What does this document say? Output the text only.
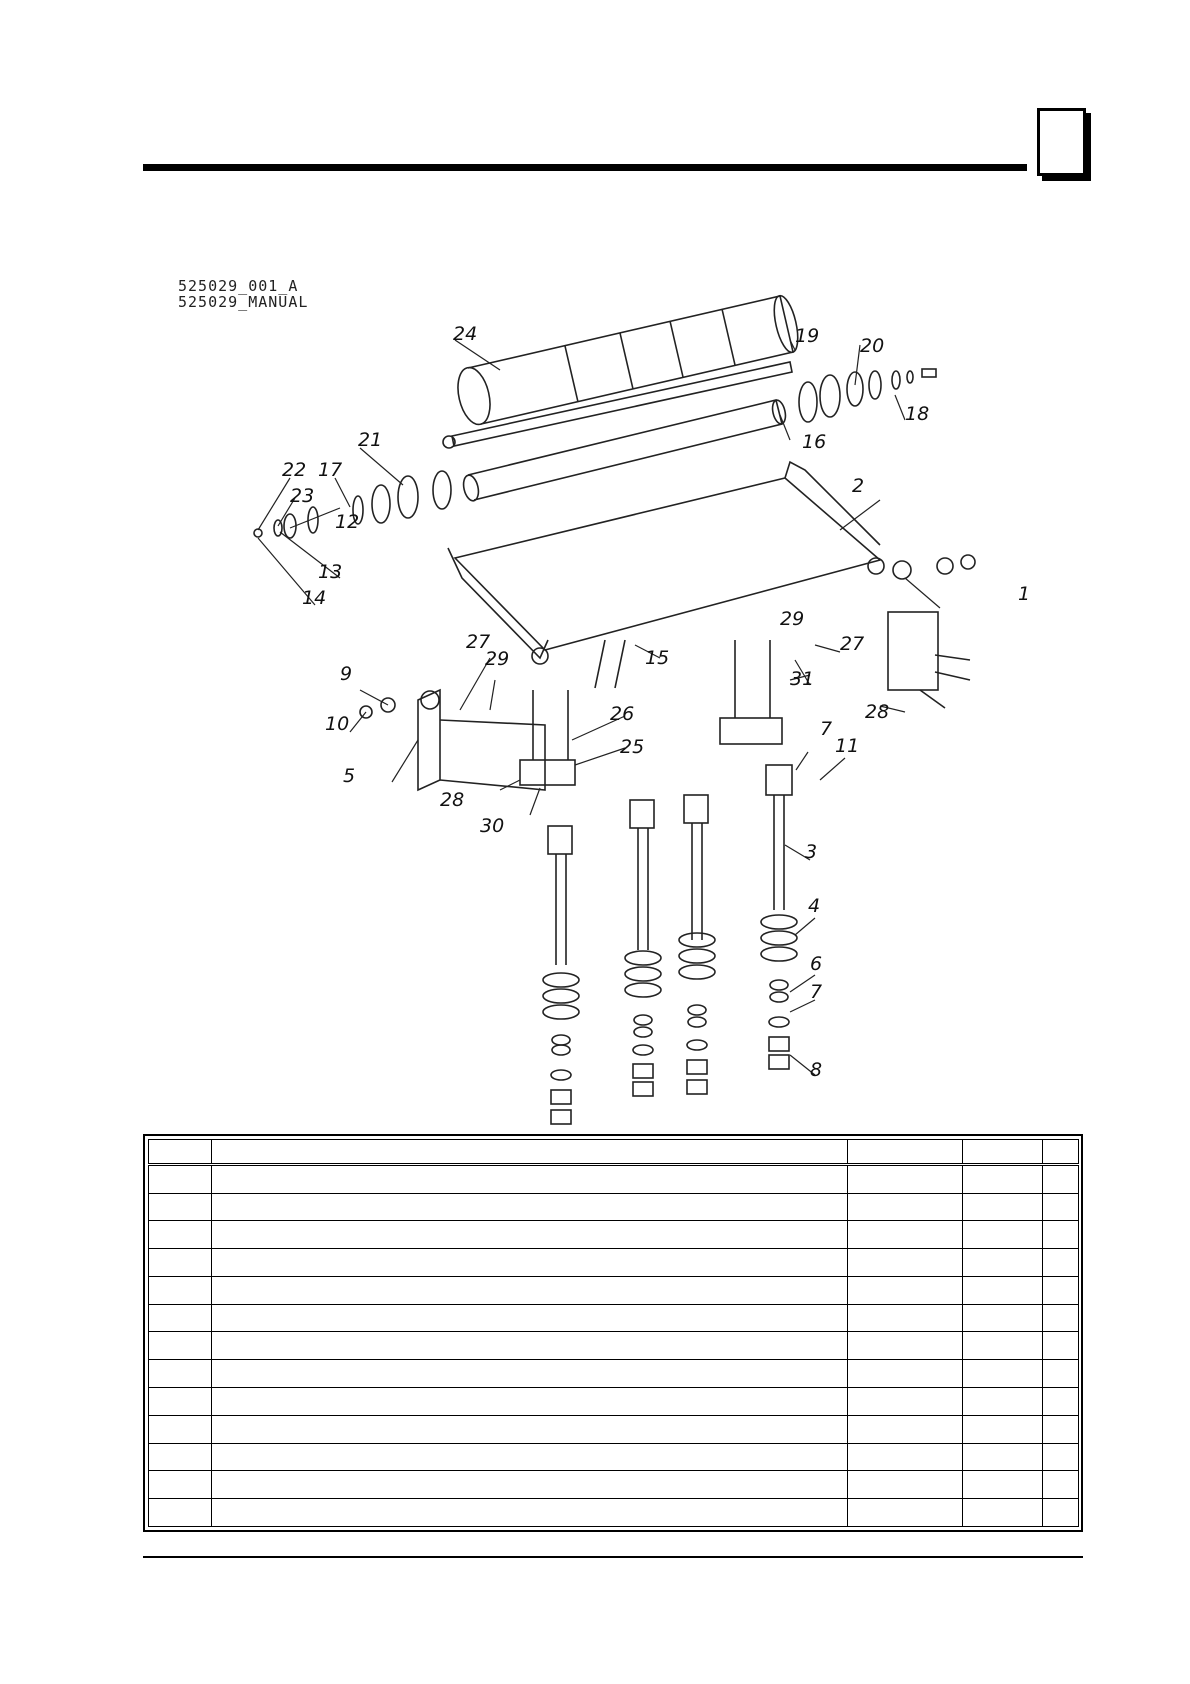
525029_001_A
525029_MANUAL
1
2
3
4
5
6
7
7
8
9
10
11
12
13
14
15
16
17
18
19 20
21
22
23
24
25
26
27	27
28
28
29
29
30
31
